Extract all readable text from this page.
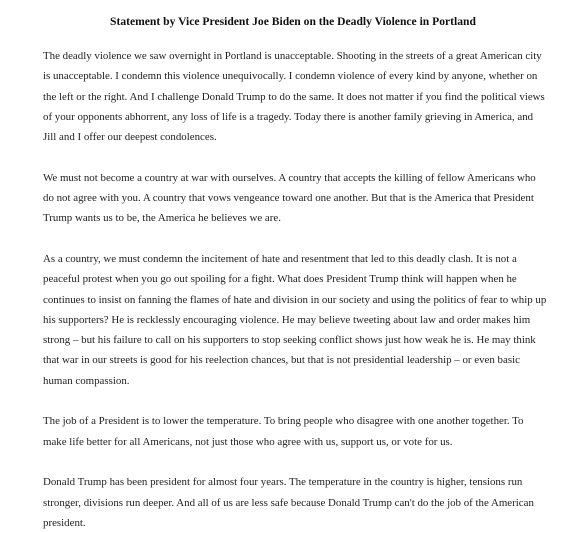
Statement by Vice President Joe Biden on the Deadly Violence in Portland

The deadly violence we saw overnight in Portland is unacceptable. Shooting in the streets of a great American city is unacceptable. I condemn this violence unequivocally. I condemn violence of every kind by anyone, whether on the left or the right. And I challenge Donald Trump to do the same. It does not matter if you find the political views of your opponents abhorrent, any loss of life is a tragedy. Today there is another family grieving in America, and Jill and I offer our deepest condolences.

We must not become a country at war with ourselves. A country that accepts the killing of fellow Americans who do not agree with you. A country that vows vengeance toward one another. But that is the America that President Trump wants us to be, the America he believes we are.

As a country, we must condemn the incitement of hate and resentment that led to this deadly clash. It is not a peaceful protest when you go out spoiling for a fight. What does President Trump think will happen when he continues to insist on fanning the flames of hate and division in our society and using the politics of fear to whip up his supporters? He is recklessly encouraging violence. He may believe tweeting about law and order makes him strong – but his failure to call on his supporters to stop seeking conflict shows just how weak he is. He may think that war in our streets is good for his reelection chances, but that is not presidential leadership – or even basic human compassion.

The job of a President is to lower the temperature. To bring people who disagree with one another together. To make life better for all Americans, not just those who agree with us, support us, or vote for us.

Donald Trump has been president for almost four years. The temperature in the country is higher, tensions run stronger, divisions run deeper. And all of us are less safe because Donald Trump can't do the job of the American president.
